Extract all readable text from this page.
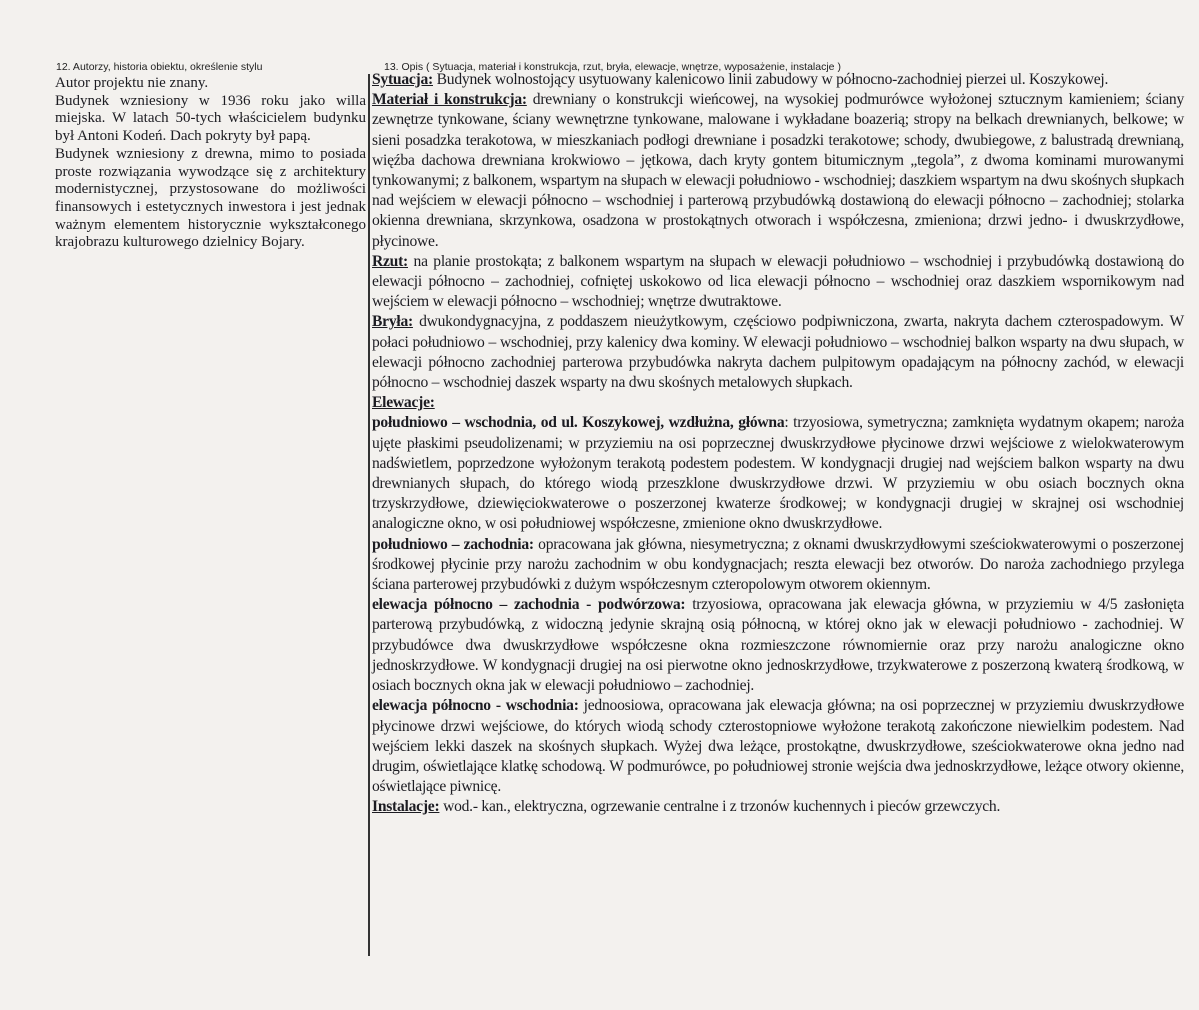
12. Autorzy, historia obiektu, określenie stylu	13. Opis ( Sytuacja, materiał i konstrukcja, rzut, bryła, elewacje, wnętrze, wyposażenie, instalacje )

Autor projektu nie znany.

Budynek wzniesiony w 1936 roku jako willa miejska. W latach 50-tych właścicielem budynku był Antoni Kodeń. Dach pokryty był papą.

Budynek wzniesiony z drewna, mimo to posiada proste rozwiązania wywodzące się z architektury modernistycznej, przystosowane do możliwości finansowych i estetycznych inwestora i jest jednak ważnym elementem historycznie wykształconego krajobrazu kulturowego dzielnicy Bojary.

Sytuacja: Budynek wolnostojący usytuowany kalenicowo linii zabudowy w północno-zachodniej pierzei ul. Koszykowej.

Materiał i konstrukcja: drewniany o konstrukcji wieńcowej, na wysokiej podmurówce wyłożonej sztucznym kamieniem; ściany zewnętrze tynkowane, ściany wewnętrzne tynkowane, malowane i wykładane boazerią; stropy na belkach drewnianych, belkowe; w sieni posadzka terakotowa, w mieszkaniach podłogi drewniane i posadzki terakotowe; schody, dwubiegowe, z balustradą drewnianą, więźba dachowa drewniana krokwiowo – jętkowa, dach kryty gontem bitumicznym „tegola”, z dwoma kominami murowanymi tynkowanymi; z balkonem, wspartym na słupach w elewacji południowo - wschodniej; daszkiem wspartym na dwu skośnych słupkach nad wejściem w elewacji północno – wschodniej i parterową przybudówką dostawioną do elewacji północno – zachodniej; stolarka okienna drewniana, skrzynkowa, osadzona w prostokątnych otworach i współczesna, zmieniona; drzwi jedno- i dwuskrzydłowe, płycinowe.

Rzut: na planie prostokąta; z balkonem wspartym na słupach w elewacji południowo – wschodniej i przybudówką dostawioną do elewacji północno – zachodniej, cofniętej uskokowo od lica elewacji północno – wschodniej oraz daszkiem wspornikowym nad wejściem w elewacji północno – wschodniej; wnętrze dwutraktowe.

Bryła: dwukondygnacyjna, z poddaszem nieużytkowym, częściowo podpiwniczona, zwarta, nakryta dachem czterospadowym. W połaci południowo – wschodniej, przy kalenicy dwa kominy. W elewacji południowo – wschodniej balkon wsparty na dwu słupach, w elewacji północno zachodniej parterowa przybudówka nakryta dachem pulpitowym opadającym na północny zachód, w elewacji północno – wschodniej daszek wsparty na dwu skośnych metalowych słupkach.

Elewacje:

południowo – wschodnia, od ul. Koszykowej, wzdłużna, główna: trzyosiowa, symetryczna; zamknięta wydatnym okapem; naroża ujęte płaskimi pseudolizenami; w przyziemiu na osi poprzecznej dwuskrzydłowe płycinowe drzwi wejściowe z wielokwaterowym nadświetlem, poprzedzone wyłożonym terakotą podestem podestem. W kondygnacji drugiej nad wejściem balkon wsparty na dwu drewnianych słupach, do którego wiodą przeszklone dwuskrzydłowe drzwi. W przyziemiu w obu osiach bocznych okna trzyskrzydłowe, dziewięciokwaterowe o poszerzonej kwaterze środkowej; w kondygnacji drugiej w skrajnej osi wschodniej analogiczne okno, w osi południowej współczesne, zmienione okno dwuskrzydłowe.

południowo – zachodnia: opracowana jak główna, niesymetryczna; z oknami dwuskrzydłowymi sześciokwaterowymi o poszerzonej środkowej płycinie przy narożu zachodnim w obu kondygnacjach; reszta elewacji bez otworów. Do naroża zachodniego przylega ściana parterowej przybudówki z dużym współczesnym czteropolowym otworem okiennym.

elewacja północno – zachodnia - podwórzowa: trzyosiowa, opracowana jak elewacja główna, w przyziemiu w 4/5 zasłonięta parterową przybudówką, z widoczną jedynie skrajną osią północną, w której okno jak w elewacji południowo - zachodniej. W przybudówce dwa dwuskrzydłowe współczesne okna rozmieszczone równomiernie oraz przy narożu analogiczne okno jednoskrzydłowe. W kondygnacji drugiej na osi pierwotne okno jednoskrzydłowe, trzykwaterowe z poszerzoną kwaterą środkową, w osiach bocznych okna jak w elewacji południowo – zachodniej.

elewacja północno - wschodnia: jednoosiowa, opracowana jak elewacja główna; na osi poprzecznej w przyziemiu dwuskrzydłowe płycinowe drzwi wejściowe, do których wiodą schody czterostopniowe wyłożone terakotą zakończone niewielkim podestem. Nad wejściem lekki daszek na skośnych słupkach. Wyżej dwa leżące, prostokątne, dwuskrzydłowe, sześciokwaterowe okna jedno nad drugim, oświetlające klatkę schodową. W podmurówce, po południowej stronie wejścia dwa jednoskrzydłowe, leżące otwory okienne, oświetlające piwnicę.

Instalacje: wod.- kan., elektryczna, ogrzewanie centralne i z trzonów kuchennych i pieców grzewczych.
